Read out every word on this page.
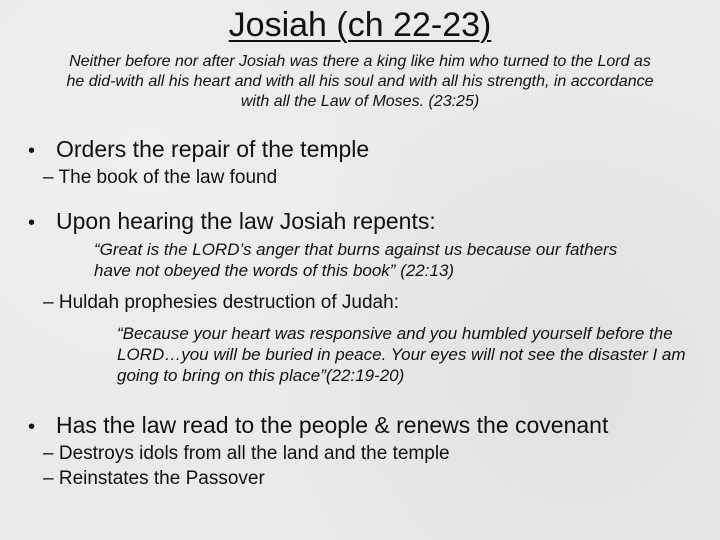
Josiah (ch 22-23)

Neither before nor after Josiah was there a king like him who turned to the Lord as he did-with all his heart and with all his soul and with all his strength, in accordance with all the Law of Moses. (23:25)

• Orders the repair of the temple
– The book of the law found
• Upon hearing the law Josiah repents:

“Great is the LORD’s anger that burns against us because our fathers have not obeyed the words of this book” (22:13)

– Huldah prophesies destruction of Judah:

“Because your heart was responsive and you humbled yourself before the LORD…you will be buried in peace. Your eyes will not see the disaster I am going to bring on this place”(22:19-20)

• Has the law read to the people & renews the covenant
– Destroys idols from all the land and the temple
– Reinstates the Passover
